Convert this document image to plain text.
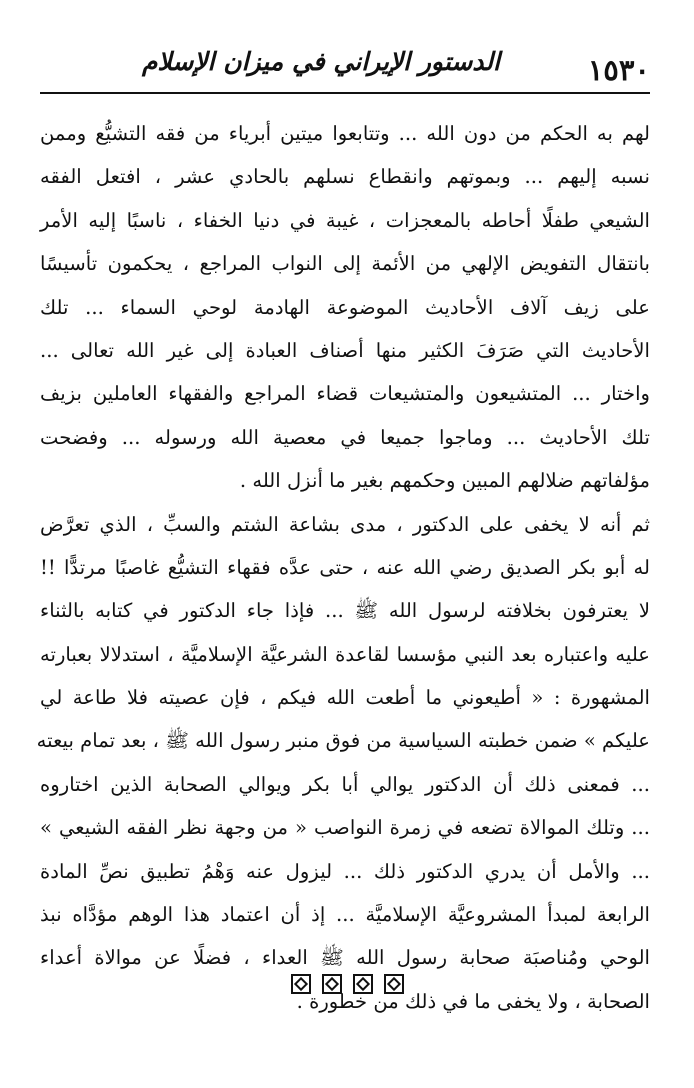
١٥٣٠
الدستور الإيراني في ميزان الإسلام
لهم به الحكم من دون الله ... وتتابعوا ميتين أبرياء من فقه التشيُّع وممن
نسبه إليهم ... وبموتهم وانقطاع نسلهم بالحادي عشر ، افتعل الفقه
الشيعي طفلًا أحاطه بالمعجزات ، غيبة في دنيا الخفاء ، ناسبًا إليه الأمر
بانتقال التفويض الإلهي من الأئمة إلى النواب المراجع ، يحكمون تأسيسًا
على زيف آلاف الأحاديث الموضوعة الهادمة لوحي السماء ... تلك
الأحاديث التي صَرَفَ الكثير منها أصناف العبادة إلى غير الله تعالى ...
واختار ... المتشيعون والمتشيعات قضاء المراجع والفقهاء العاملين بزيف
تلك الأحاديث ... وماجوا جميعا في معصية الله ورسوله ... وفضحت
مؤلفاتهم ضلالهم المبين وحكمهم بغير ما أنزل الله .
ثم أنه لا يخفى على الدكتور ، مدى بشاعة الشتم والسبِّ ، الذي تعرَّض
له أبو بكر الصديق رضي الله عنه ، حتى عدَّه فقهاء التشيُّع غاصبًا مرتدًّا !!
لا يعترفون بخلافته لرسول الله ﷺ ... فإذا جاء الدكتور في كتابه بالثناء
عليه واعتباره بعد النبي مؤسسا لقاعدة الشرعيَّة الإسلاميَّة ، استدلالا بعبارته
المشهورة : « أطيعوني ما أطعت الله فيكم ، فإن عصيته فلا طاعة لي
عليكم » ضمن خطبته السياسية من فوق منبر رسول الله ﷺ ، بعد تمام بيعته
... فمعنى ذلك أن الدكتور يوالي أبا بكر ويوالي الصحابة الذين اختاروه
... وتلك الموالاة تضعه في زمرة النواصب « من وجهة نظر الفقه الشيعي »
... والأمل أن يدري الدكتور ذلك ... ليزول عنه وَهْمُ تطبيق نصِّ المادة
الرابعة لمبدأ المشروعيَّة الإسلاميَّة ... إذ أن اعتماد هذا الوهم مؤدَّاه نبذ
الوحي ومُناصبَة صحابة رسول الله ﷺ العداء ، فضلًا عن موالاة أعداء
الصحابة ، ولا يخفى ما في ذلك من خطورة .
